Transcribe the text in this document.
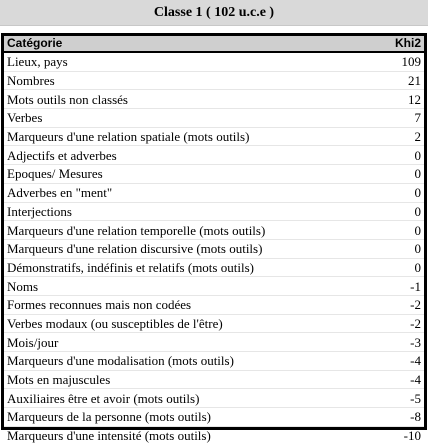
Classe 1 ( 102 u.c.e )
Catégorie	Khi2
Lieux, pays	109
Nombres	21
Mots outils non classés	12
Verbes	7
Marqueurs d'une relation spatiale (mots outils)	2
Adjectifs et adverbes	0
Epoques/ Mesures	0
Adverbes en "ment"	0
Interjections	0
Marqueurs d'une relation temporelle (mots outils)	0
Marqueurs d'une relation discursive (mots outils)	0
Démonstratifs, indéfinis et relatifs (mots outils)	0
Noms	-1
Formes reconnues mais non codées	-2
Verbes modaux (ou susceptibles de l'être)	-2
Mois/jour	-3
Marqueurs d'une modalisation (mots outils)	-4
Mots en majuscules	-4
Auxiliaires être et avoir (mots outils)	-5
Marqueurs de la personne (mots outils)	-8
Marqueurs d'une intensité (mots outils)	-10
